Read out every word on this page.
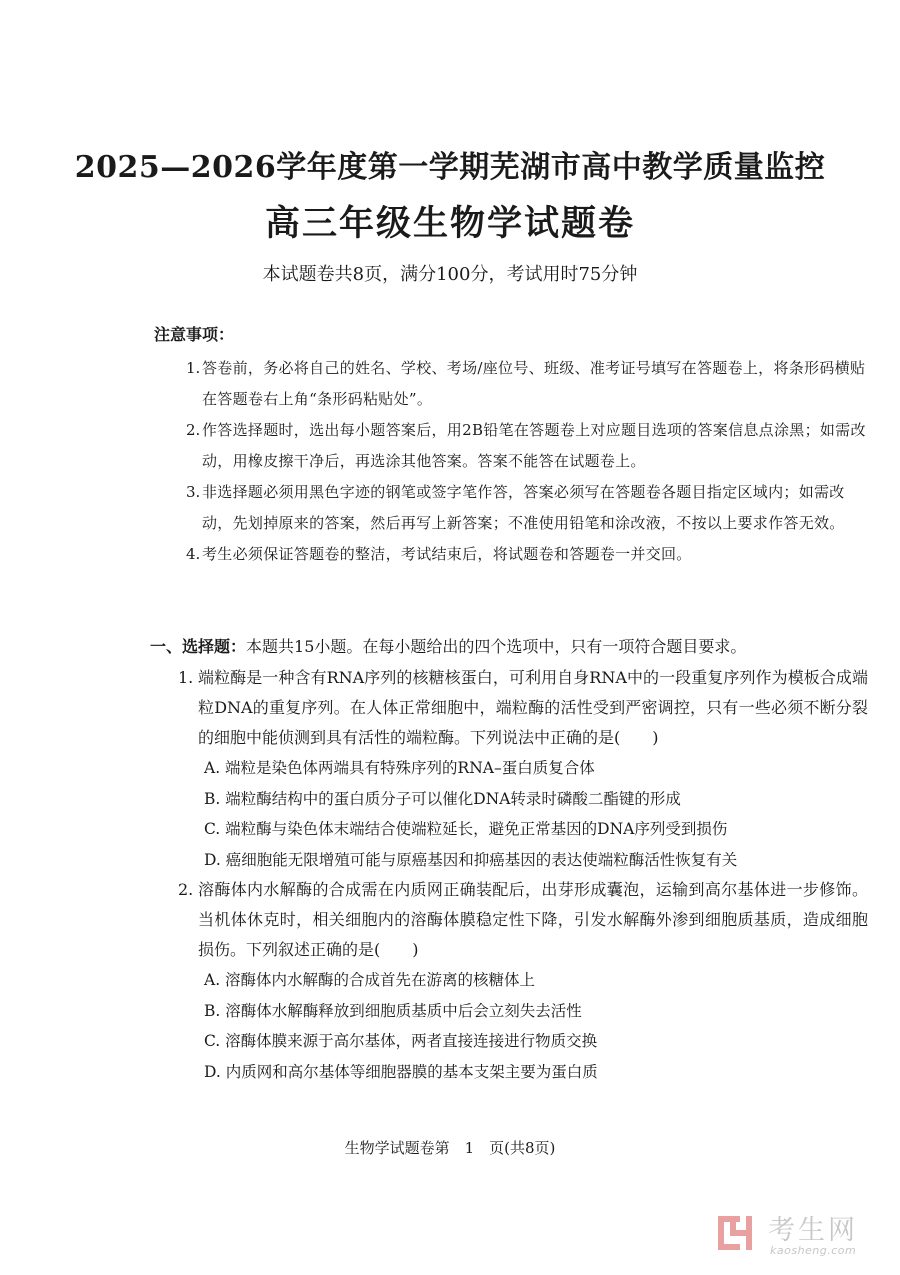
2025—2026学年度第一学期芜湖市高中教学质量监控
高三年级生物学试题卷
本试题卷共8页，满分100分，考试用时75分钟
注意事项：
1. 答卷前，务必将自己的姓名、学校、考场/座位号、班级、准考证号填写在答题卷上，将条形码横贴在答题卷右上角“条形码粘贴处”。
2. 作答选择题时，选出每小题答案后，用2B铅笔在答题卷上对应题目选项的答案信息点涂黑；如需改动，用橡皮擦干净后，再选涂其他答案。答案不能答在试题卷上。
3. 非选择题必须用黑色字迹的钢笔或签字笔作答，答案必须写在答题卷各题目指定区域内；如需改动，先划掉原来的答案，然后再写上新答案；不准使用铅笔和涂改液，不按以上要求作答无效。
4. 考生必须保证答题卷的整洁，考试结束后，将试题卷和答题卷一并交回。
一、选择题：本题共15小题。在每小题给出的四个选项中，只有一项符合题目要求。
1. 端粒酶是一种含有RNA序列的核糖核蛋白，可利用自身RNA中的一段重复序列作为模板合成端粒DNA的重复序列。在人体正常细胞中，端粒酶的活性受到严密调控，只有一些必须不断分裂的细胞中能侦测到具有活性的端粒酶。下列说法中正确的是(　　)
A. 端粒是染色体两端具有特殊序列的RNA–蛋白质复合体
B. 端粒酶结构中的蛋白质分子可以催化DNA转录时磷酸二酯键的形成
C. 端粒酶与染色体末端结合使端粒延长，避免正常基因的DNA序列受到损伤
D. 癌细胞能无限增殖可能与原癌基因和抑癌基因的表达使端粒酶活性恢复有关
2. 溶酶体内水解酶的合成需在内质网正确装配后，出芽形成囊泡，运输到高尔基体进一步修饰。当机体休克时，相关细胞内的溶酶体膜稳定性下降，引发水解酶外渗到细胞质基质，造成细胞损伤。下列叙述正确的是(　　)
A. 溶酶体内水解酶的合成首先在游离的核糖体上
B. 溶酶体水解酶释放到细胞质基质中后会立刻失去活性
C. 溶酶体膜来源于高尔基体，两者直接连接进行物质交换
D. 内质网和高尔基体等细胞器膜的基本支架主要为蛋白质
生物学试题卷第　1　页(共8页)
考生网
kaosheng.com
